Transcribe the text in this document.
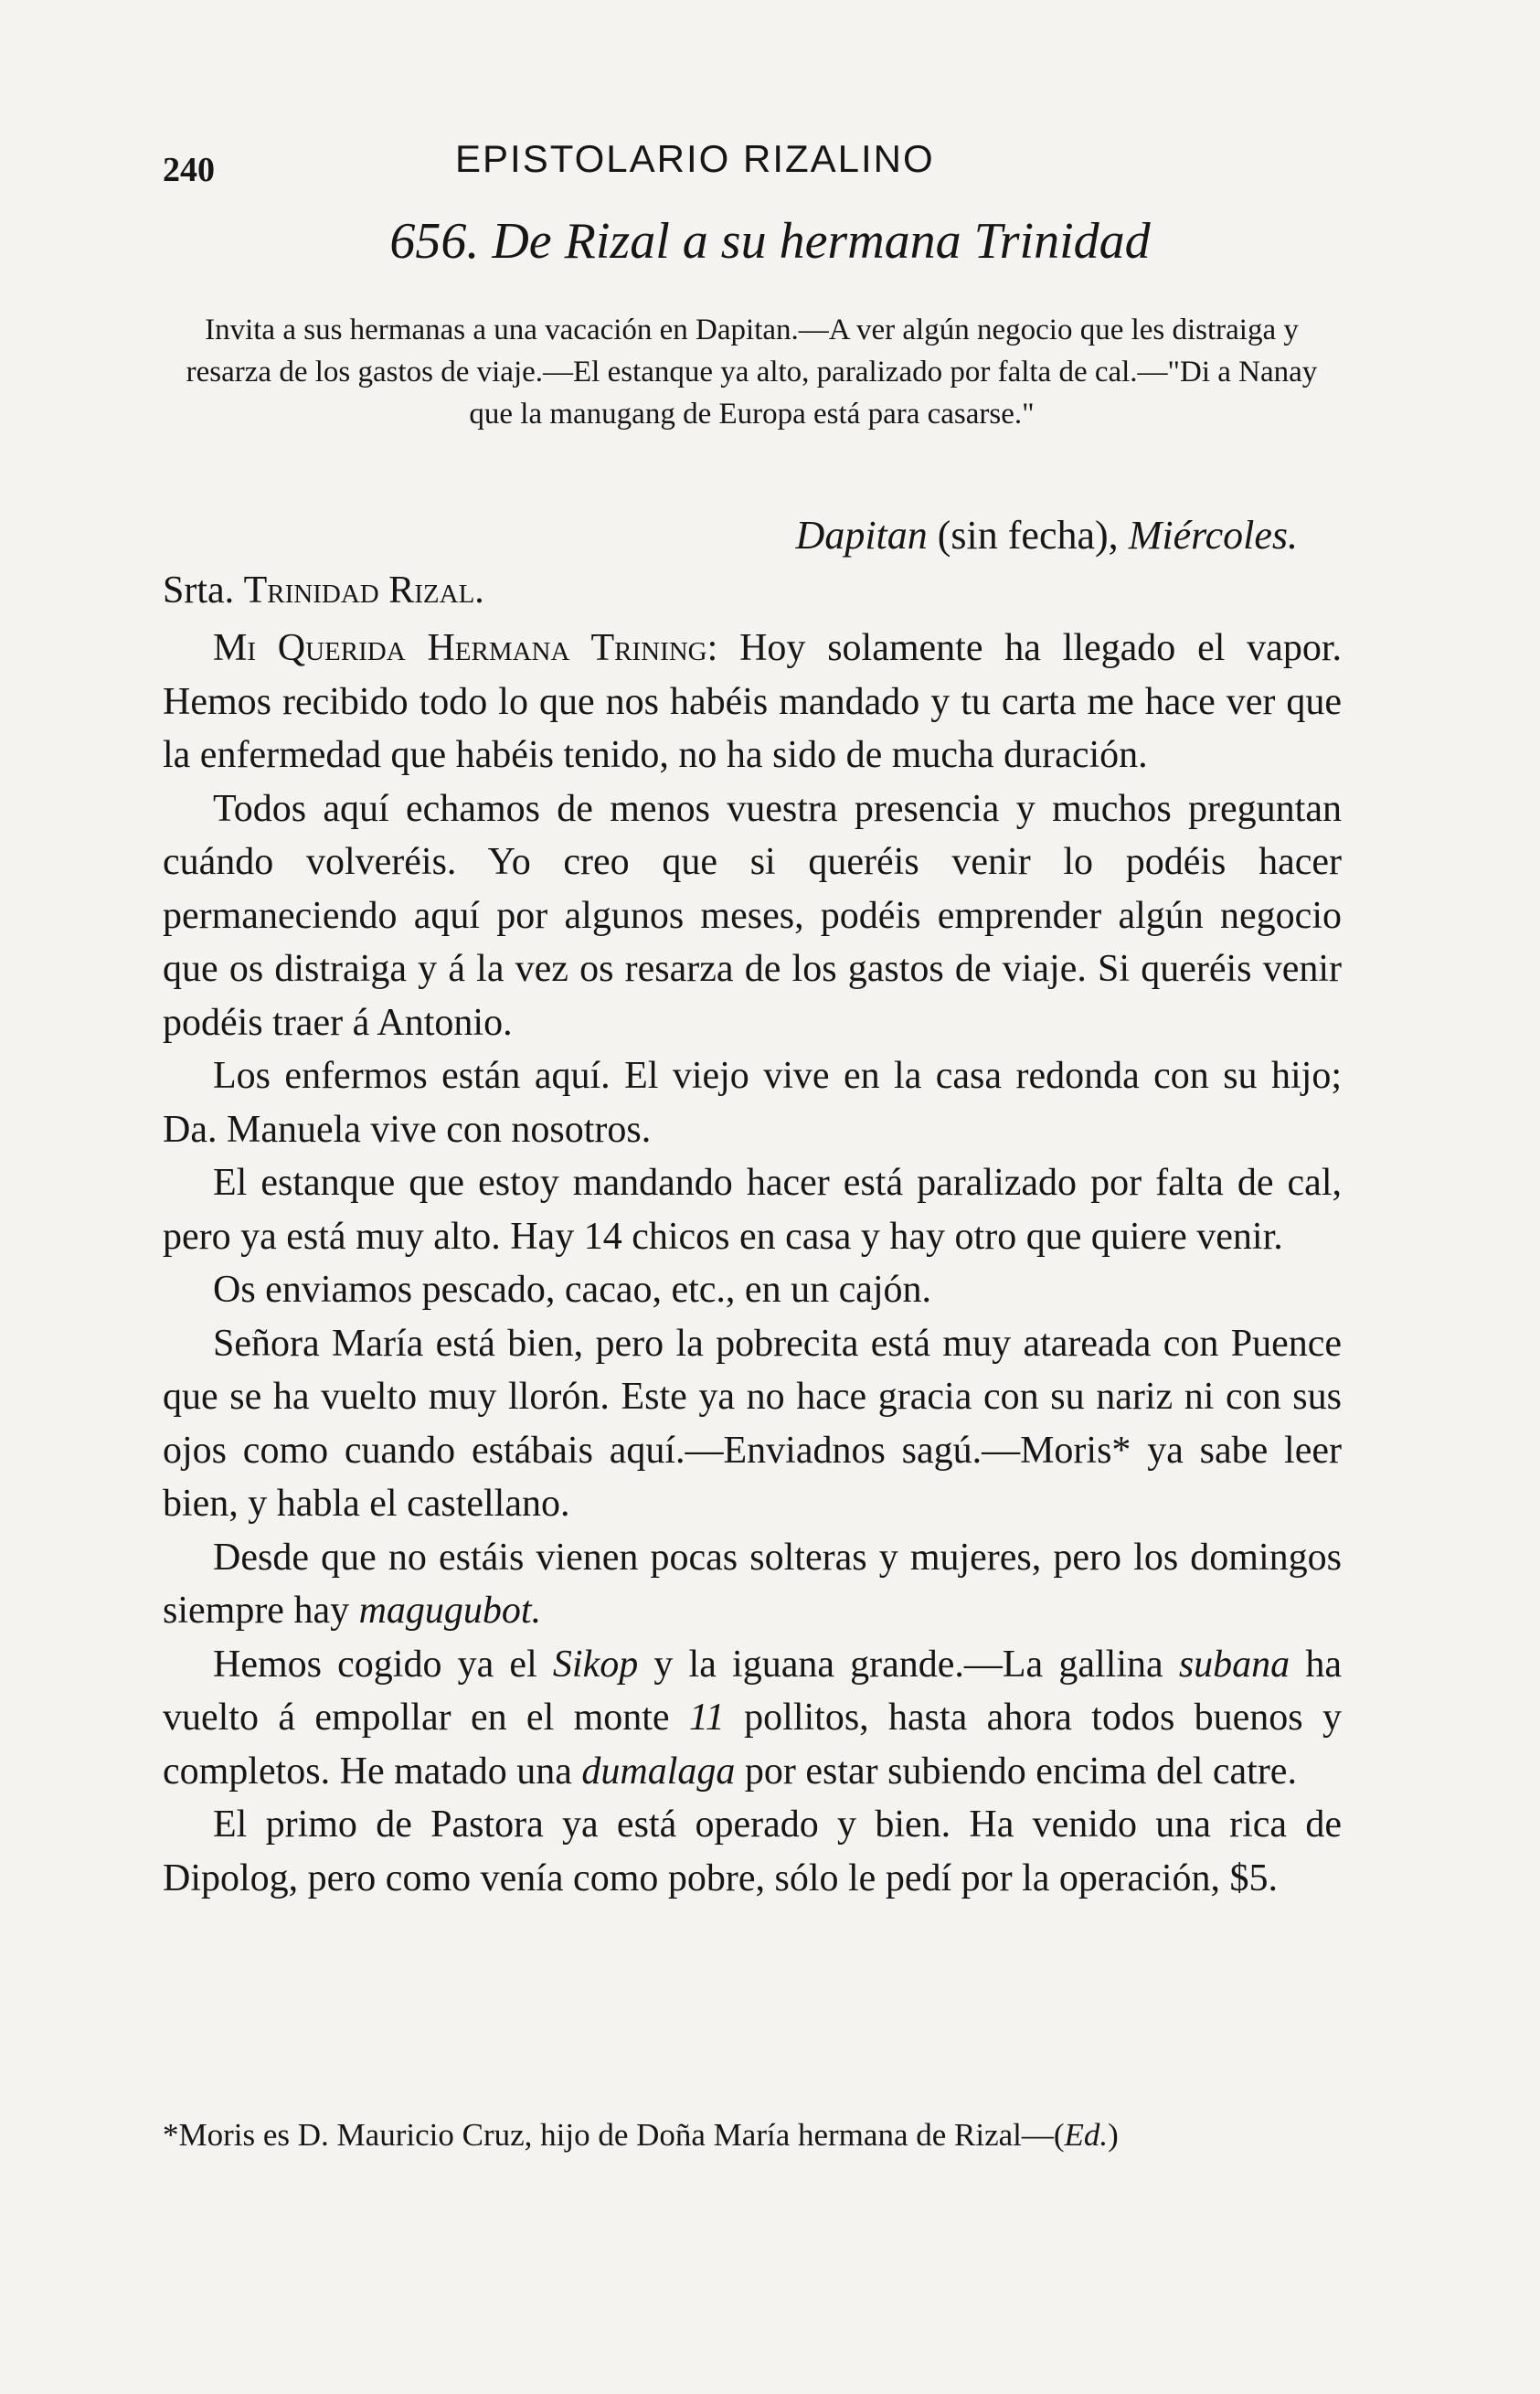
240	EPISTOLARIO RIZALINO
656. De Rizal a su hermana Trinidad
Invita a sus hermanas a una vacación en Dapitan.—A ver algún negocio que les distraiga y resarza de los gastos de viaje.—El estanque ya alto, paralizado por falta de cal.—"Di a Nanay que la manugang de Europa está para casarse."
Dapitan (sin fecha), Miércoles.
Srta. Trinidad Rizal.

Mi Querida Hermana Trining: Hoy solamente ha llegado el vapor. Hemos recibido todo lo que nos habéis mandado y tu carta me hace ver que la enfermedad que habéis tenido, no ha sido de mucha duración.

Todos aquí echamos de menos vuestra presencia y muchos preguntan cuándo volveréis. Yo creo que si queréis venir lo podéis hacer permaneciendo aquí por algunos meses, podéis emprender algún negocio que os distraiga y á la vez os resarza de los gastos de viaje. Si queréis venir podéis traer á Antonio.

Los enfermos están aquí. El viejo vive en la casa redonda con su hijo; Da. Manuela vive con nosotros.

El estanque que estoy mandando hacer está paralizado por falta de cal, pero ya está muy alto. Hay 14 chicos en casa y hay otro que quiere venir.

Os enviamos pescado, cacao, etc., en un cajón.

Señora María está bien, pero la pobrecita está muy atareada con Puence que se ha vuelto muy llorón. Este ya no hace gracia con su nariz ni con sus ojos como cuando estábais aquí.—Enviadnos sagú.—Moris* ya sabe leer bien, y habla el castellano.

Desde que no estáis vienen pocas solteras y mujeres, pero los domingos siempre hay magugubot.

Hemos cogido ya el Sikop y la iguana grande.—La gallina subana ha vuelto á empollar en el monte 11 pollitos, hasta ahora todos buenos y completos. He matado una dumalaga por estar subiendo encima del catre.

El primo de Pastora ya está operado y bien. Ha venido una rica de Dipolog, pero como venía como pobre, sólo le pedí por la operación, $5.

*Moris es D. Mauricio Cruz, hijo de Doña María hermana de Rizal—(Ed.)
